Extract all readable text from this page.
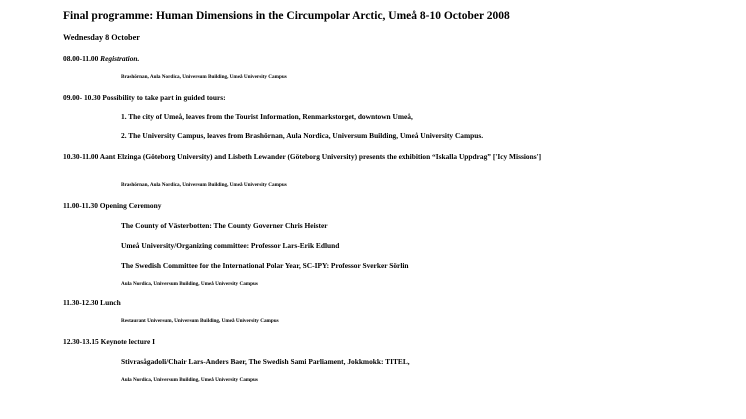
Final programme: Human Dimensions in the Circumpolar Arctic, Umeå 8-10 October 2008
Wednesday 8 October
08.00-11.00 Registration.
Brashörnan, Aula Nordica, Universum Building, Umeå University Campus
09.00- 10.30 Possibility to take part in guided tours:
1. The city of Umeå, leaves from the Tourist Information, Renmarkstorget, downtown Umeå,
2. The University Campus, leaves from Brashörnan, Aula Nordica, Universum Building, Umeå University Campus.
10.30-11.00 Aant Elzinga (Göteborg University) and Lisbeth Lewander (Göteborg University) presents the exhibition “Iskalla Uppdrag” ['Icy Missions']
Brashörnan, Aula Nordica, Universum Building, Umeå University Campus
11.00-11.30 Opening Ceremony
The County of Västerbotten: The County Governer Chris Heister
Umeå University/Organizing committee: Professor Lars-Erik Edlund
The Swedish Committee for the International Polar Year, SC-IPY: Professor Sverker Sörlin
Aula Nordica, Universum Building, Umeå University Campus
11.30-12.30 Lunch
Restaurant Universum, Universum Building, Umeå University Campus
12.30-13.15 Keynote lecture I
Stivrasågadoli/Chair Lars-Anders Baer, The Swedish Sami Parliament, Jokkmokk: TITEL,
Aula Nordica, Universum Building, Umeå University Campus
